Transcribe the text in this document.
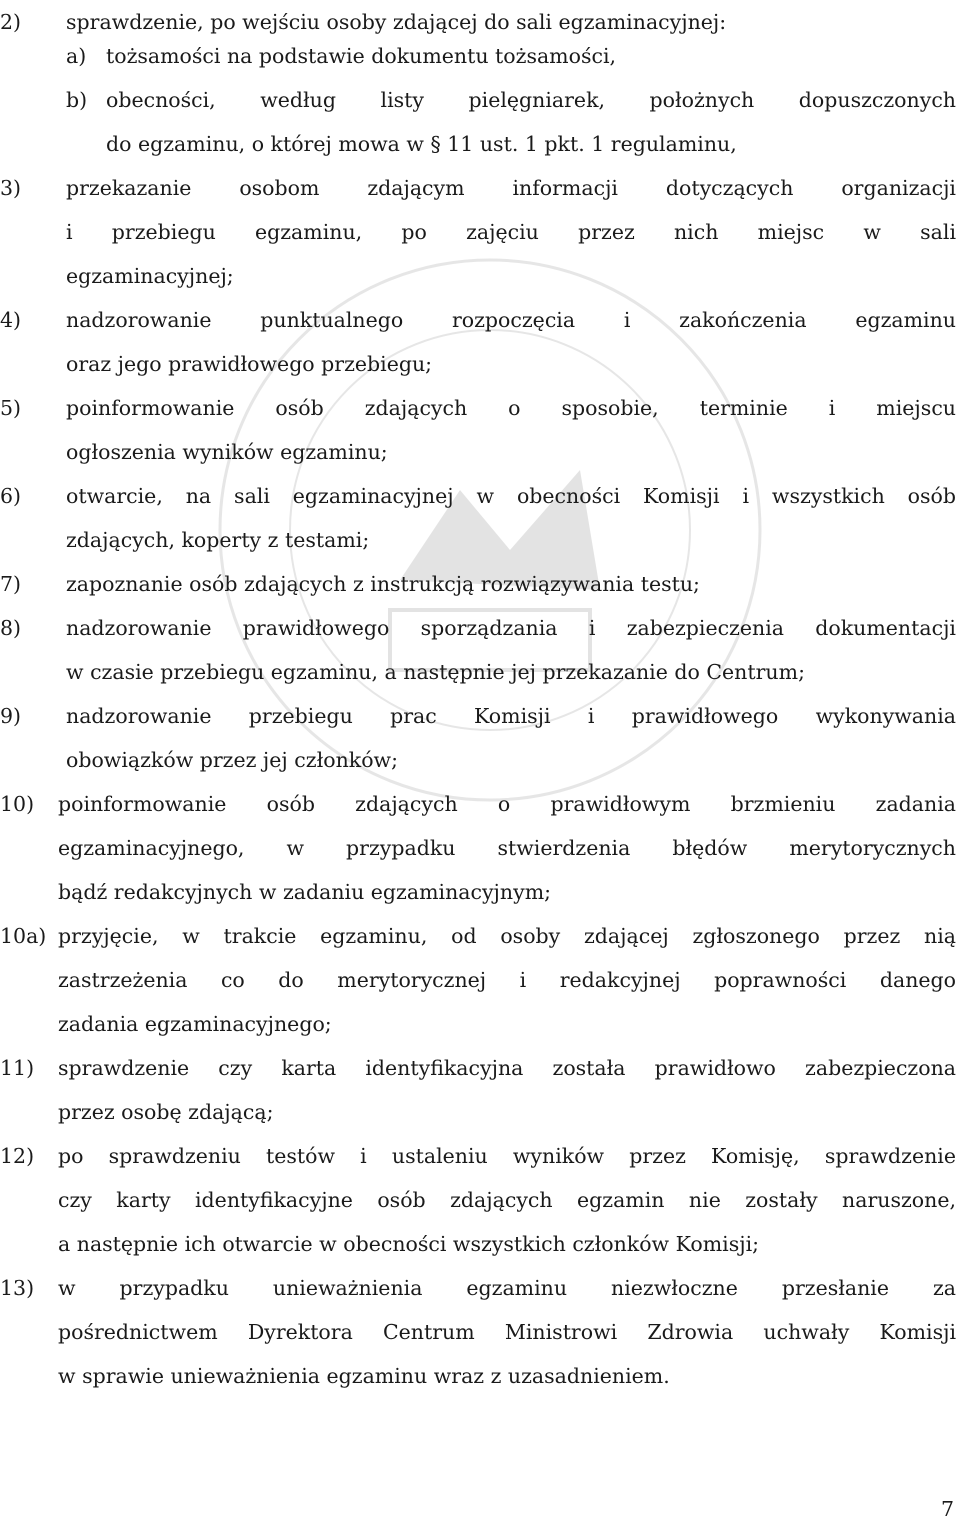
2) sprawdzenie, po wejściu osoby zdającej do sali egzaminacyjnej:
a) tożsamości na podstawie dokumentu tożsamości,
b) obecności, według listy pielęgniarek, położnych dopuszczonych
do egzaminu, o której mowa w § 11 ust. 1 pkt. 1 regulaminu,
3) przekazanie osobom zdającym informacji dotyczących organizacji
i przebiegu egzaminu, po zajęciu przez nich miejsc w sali
egzaminacyjnej;
4) nadzorowanie punktualnego rozpoczęcia i zakończenia egzaminu
oraz jego prawidłowego przebiegu;
5) poinformowanie osób zdających o sposobie, terminie i miejscu
ogłoszenia wyników egzaminu;
6) otwarcie, na sali egzaminacyjnej w obecności Komisji i wszystkich osób
zdających, koperty z testami;
7) zapoznanie osób zdających z instrukcją rozwiązywania testu;
8) nadzorowanie prawidłowego sporządzania i zabezpieczenia dokumentacji
w czasie przebiegu egzaminu, a następnie jej przekazanie do Centrum;
9) nadzorowanie przebiegu prac Komisji i prawidłowego wykonywania
obowiązków przez jej członków;
10) poinformowanie osób zdających o prawidłowym brzmieniu zadania
egzaminacyjnego, w przypadku stwierdzenia błędów merytorycznych
bądź redakcyjnych w zadaniu egzaminacyjnym;
10a) przyjęcie, w trakcie egzaminu, od osoby zdającej zgłoszonego przez nią
zastrzeżenia co do merytorycznej i redakcyjnej poprawności danego
zadania egzaminacyjnego;
11) sprawdzenie czy karta identyfikacyjna została prawidłowo zabezpieczona
przez osobę zdającą;
12) po sprawdzeniu testów i ustaleniu wyników przez Komisję, sprawdzenie
czy karty identyfikacyjne osób zdających egzamin nie zostały naruszone,
a następnie ich otwarcie w obecności wszystkich członków Komisji;
13) w przypadku unieważnienia egzaminu niezwłoczne przesłanie za
pośrednictwem Dyrektora Centrum Ministrowi Zdrowia uchwały Komisji
w sprawie unieważnienia egzaminu wraz z uzasadnieniem.
7
